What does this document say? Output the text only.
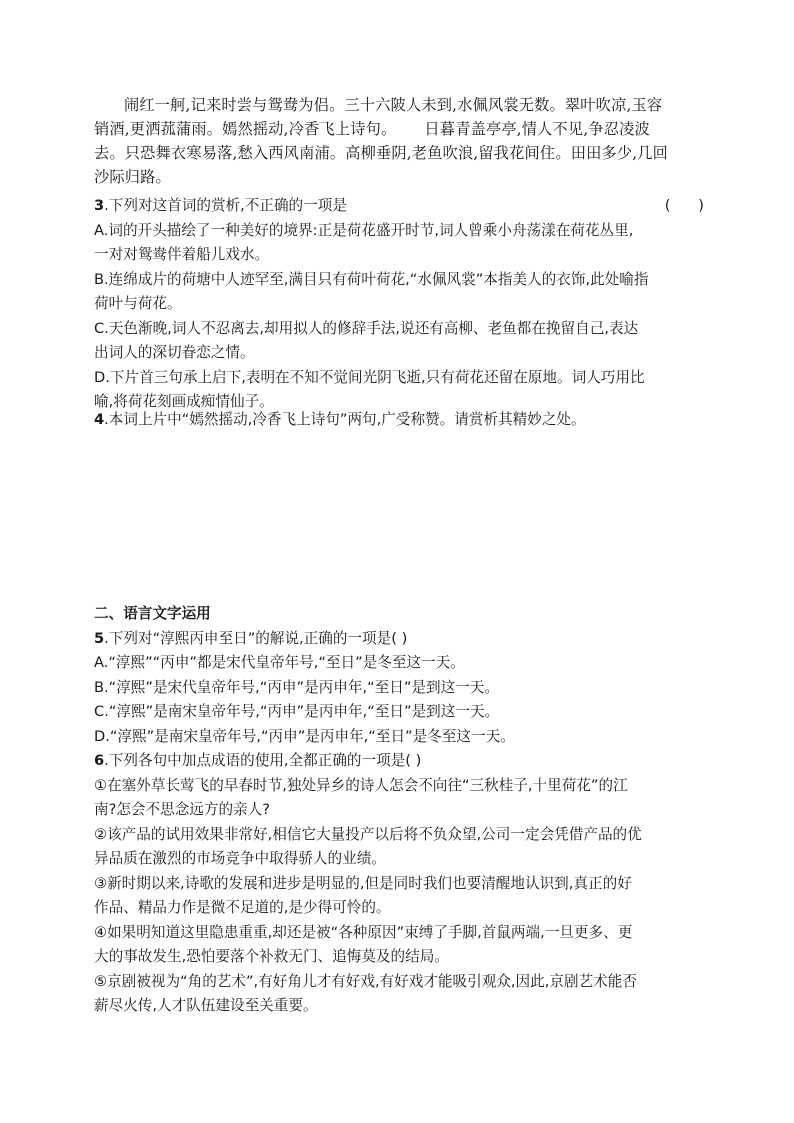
闹红一舸,记来时尝与鸳鸯为侣。三十六陂人未到,水佩风裳无数。翠叶吹凉,玉容

销酒,更洒菰蒲雨。嫣然摇动,冷香飞上诗句。 日暮青盖亭亭,情人不见,争忍凌波

去。只恐舞衣寒易落,愁入西风南浦。高柳垂阴,老鱼吹浪,留我花间住。田田多少,几回

沙际归路。

3.下列对这首词的赏析,不正确的一项是	(      )

A.词的开头描绘了一种美好的境界:正是荷花盛开时节,词人曾乘小舟荡漾在荷花丛里,

一对对鸳鸯伴着船儿戏水。

B.连绵成片的荷塘中人迹罕至,满目只有荷叶荷花,“水佩风裳”本指美人的衣饰,此处喻指

荷叶与荷花。

C.天色渐晚,词人不忍离去,却用拟人的修辞手法,说还有高柳、老鱼都在挽留自己,表达

出词人的深切眷恋之情。

D.下片首三句承上启下,表明在不知不觉间光阴飞逝,只有荷花还留在原地。词人巧用比

喻,将荷花刻画成痴情仙子。

4.本词上片中“嫣然摇动,冷香飞上诗句”两句,广受称赞。请赏析其精妙之处。

二、语言文字运用

5.下列对“淳熙丙申至日”的解说,正确的一项是( )

A.“淳熙”“丙申”都是宋代皇帝年号,“至日”是冬至这一天。

B.“淳熙”是宋代皇帝年号,“丙申”是丙申年,“至日”是到这一天。

C.“淳熙”是南宋皇帝年号,“丙申”是丙申年,“至日”是到这一天。

D.“淳熙”是南宋皇帝年号,“丙申”是丙申年,“至日”是冬至这一天。

6.下列各句中加点成语的使用,全都正确的一项是( )

①在塞外草长莺飞的早春时节,独处异乡的诗人怎会不向往“三秋桂子,十里荷花”的江

南?怎会不思念远方的亲人?

②该产品的试用效果非常好,相信它大量投产以后将不负众望,公司一定会凭借产品的优

异品质在激烈的市场竞争中取得骄人的业绩。

③新时期以来,诗歌的发展和进步是明显的,但是同时我们也要清醒地认识到,真正的好

作品、精品力作是微不足道的,是少得可怜的。

④如果明知道这里隐患重重,却还是被“各种原因”束缚了手脚,首鼠两端,一旦更多、更

大的事故发生,恐怕要落个补救无门、追悔莫及的结局。

⑤京剧被视为“角的艺术”,有好角儿才有好戏,有好戏才能吸引观众,因此,京剧艺术能否

薪尽火传,人才队伍建设至关重要。
